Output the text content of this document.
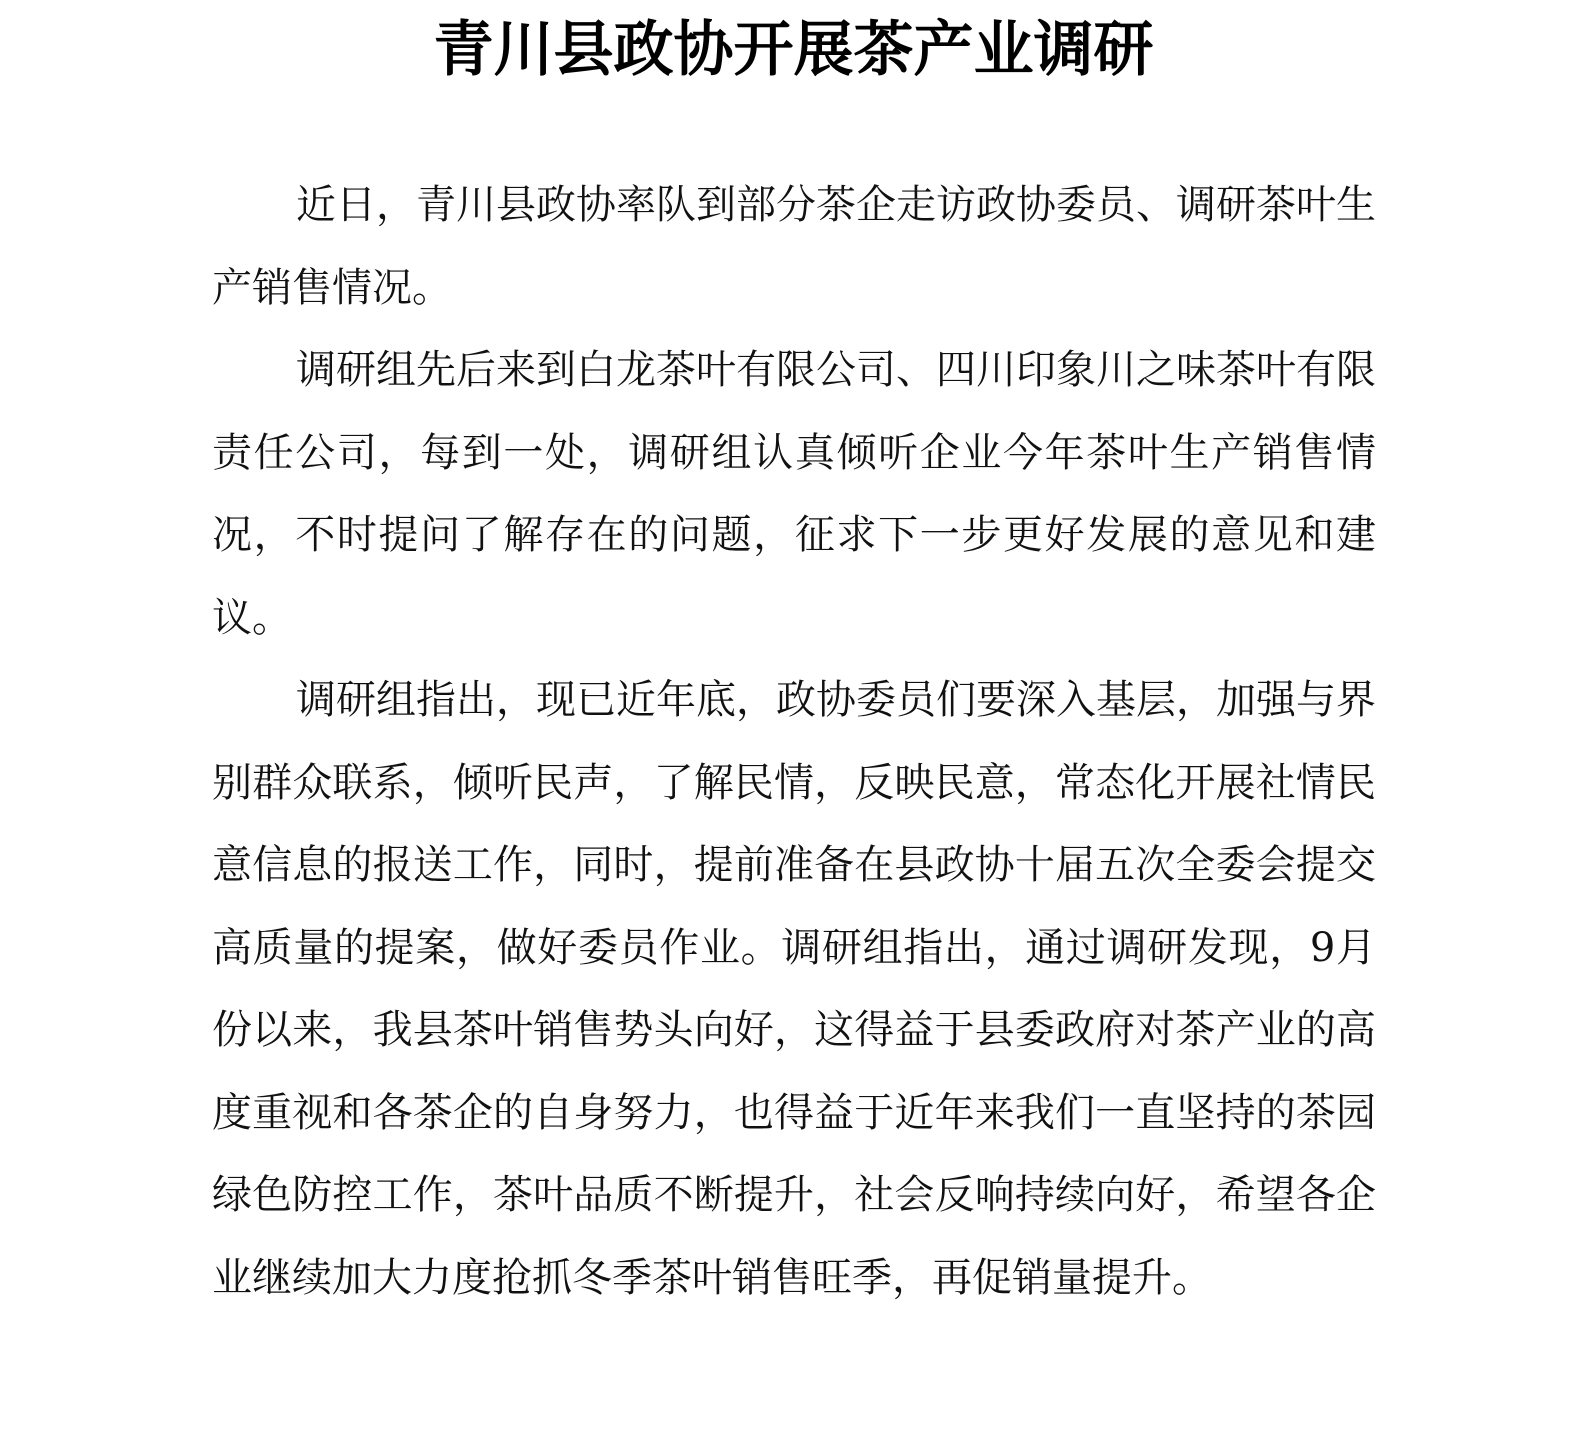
青川县政协开展茶产业调研

近日，青川县政协率队到部分茶企走访政协委员、调研茶叶生产销售情况。

调研组先后来到白龙茶叶有限公司、四川印象川之味茶叶有限责任公司，每到一处，调研组认真倾听企业今年茶叶生产销售情况，不时提问了解存在的问题，征求下一步更好发展的意见和建议。

调研组指出，现已近年底，政协委员们要深入基层，加强与界别群众联系，倾听民声，了解民情，反映民意，常态化开展社情民意信息的报送工作，同时，提前准备在县政协十届五次全委会提交高质量的提案，做好委员作业。调研组指出，通过调研发现，9月份以来，我县茶叶销售势头向好，这得益于县委政府对茶产业的高度重视和各茶企的自身努力，也得益于近年来我们一直坚持的茶园绿色防控工作，茶叶品质不断提升，社会反响持续向好，希望各企业继续加大力度抢抓冬季茶叶销售旺季，再促销量提升。
